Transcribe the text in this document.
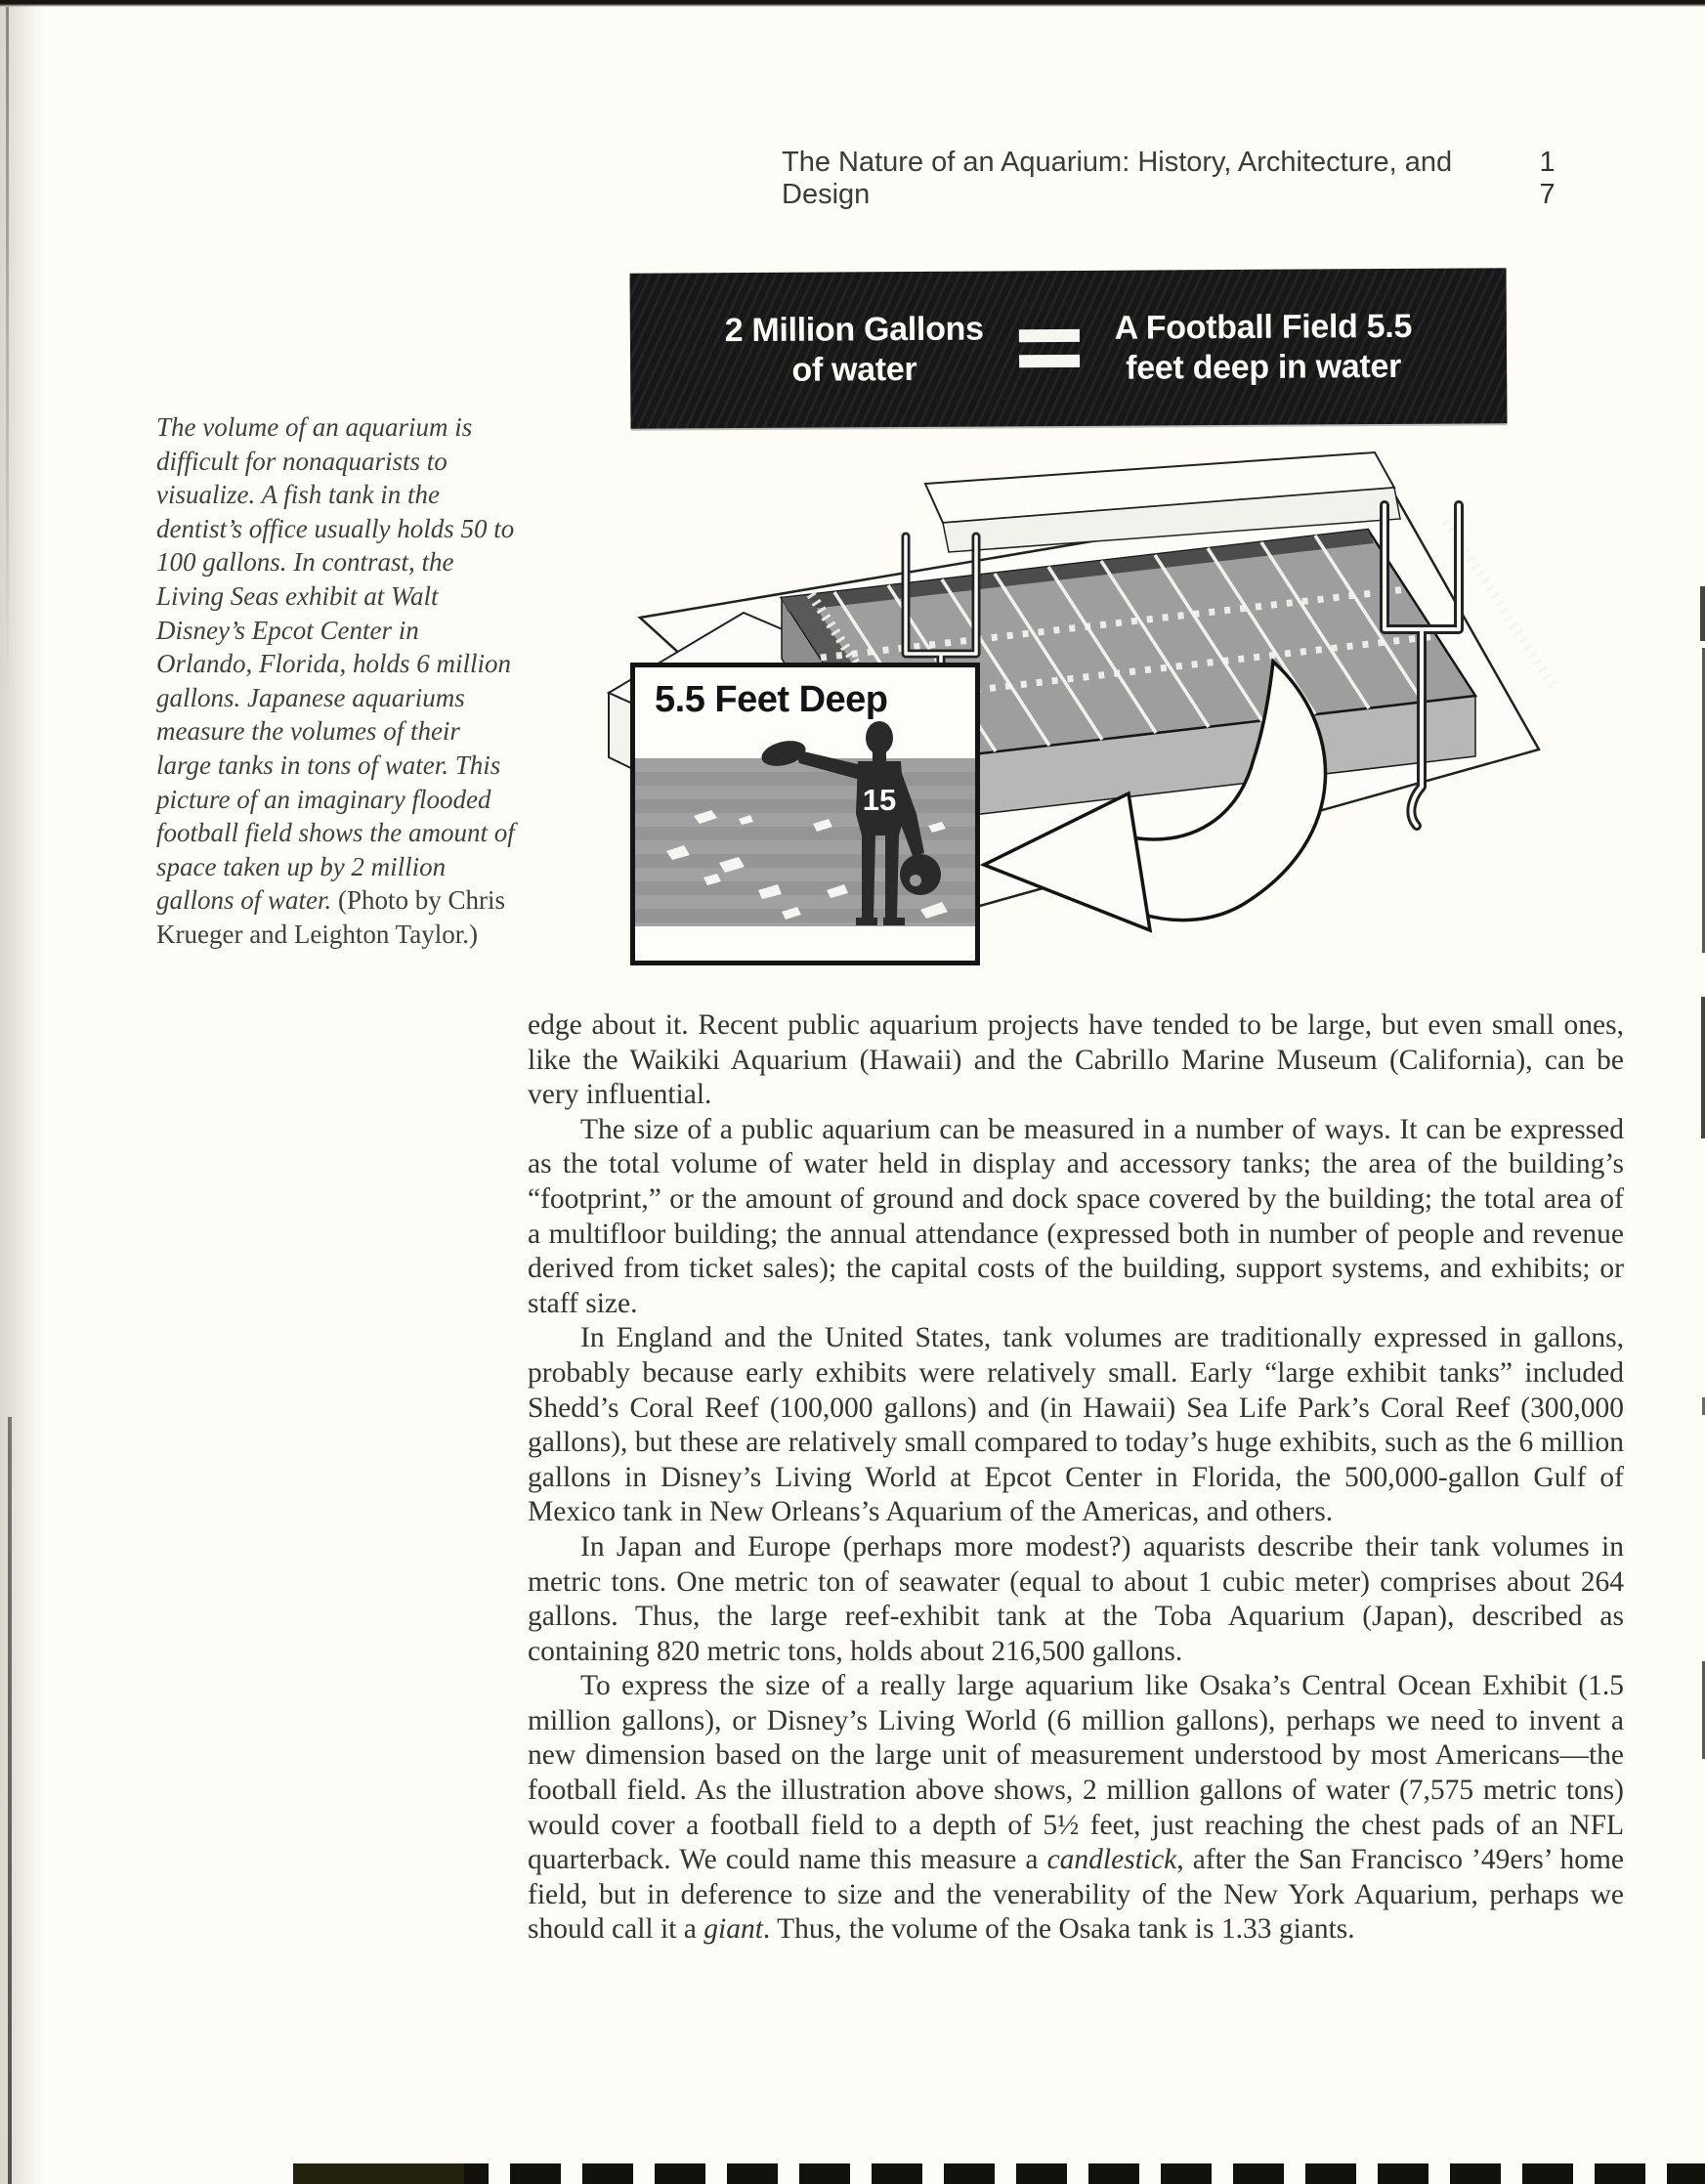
The Nature of an Aquarium: History, Architecture, and Design
1 7
2 Million Gallons
of water
A Football Field 5.5
feet deep in water
5.5 Feet Deep
15
The volume of an aquarium is difficult for nonaquarists to visualize. A fish tank in the dentist’s office usually holds 50 to 100 gallons. In contrast, the Living Seas exhibit at Walt Disney’s Epcot Center in Orlando, Florida, holds 6 million gallons. Japanese aquariums measure the volumes of their large tanks in tons of water. This picture of an imaginary flooded football field shows the amount of space taken up by 2 million gallons of water. (Photo by Chris Krueger and Leighton Taylor.)

edge about it. Recent public aquarium projects have tended to be large, but even small ones, like the Waikiki Aquarium (Hawaii) and the Cabrillo Marine Museum (California), can be very influential.

The size of a public aquarium can be measured in a number of ways. It can be expressed as the total volume of water held in display and accessory tanks; the area of the building’s “footprint,” or the amount of ground and dock space covered by the building; the total area of a multifloor building; the annual attendance (expressed both in number of people and revenue derived from ticket sales); the capital costs of the building, support systems, and exhibits; or staff size.

In England and the United States, tank volumes are traditionally expressed in gallons, probably because early exhibits were relatively small. Early “large exhibit tanks” included Shedd’s Coral Reef (100,000 gallons) and (in Hawaii) Sea Life Park’s Coral Reef (300,000 gallons), but these are relatively small compared to today’s huge exhibits, such as the 6 million gallons in Disney’s Living World at Epcot Center in Florida, the 500,000-gallon Gulf of Mexico tank in New Orleans’s Aquarium of the Americas, and others.

In Japan and Europe (perhaps more modest?) aquarists describe their tank volumes in metric tons. One metric ton of seawater (equal to about 1 cubic meter) comprises about 264 gallons. Thus, the large reef-exhibit tank at the Toba Aquarium (Japan), described as containing 820 metric tons, holds about 216,500 gallons.

To express the size of a really large aquarium like Osaka’s Central Ocean Exhibit (1.5 million gallons), or Disney’s Living World (6 million gallons), perhaps we need to invent a new dimension based on the large unit of measurement understood by most Americans—the football field. As the illustration above shows, 2 million gallons of water (7,575 metric tons) would cover a football field to a depth of 5½ feet, just reaching the chest pads of an NFL quarterback. We could name this measure a candlestick, after the San Francisco ’49ers’ home field, but in deference to size and the venerability of the New York Aquarium, perhaps we should call it a giant. Thus, the volume of the Osaka tank is 1.33 giants.
